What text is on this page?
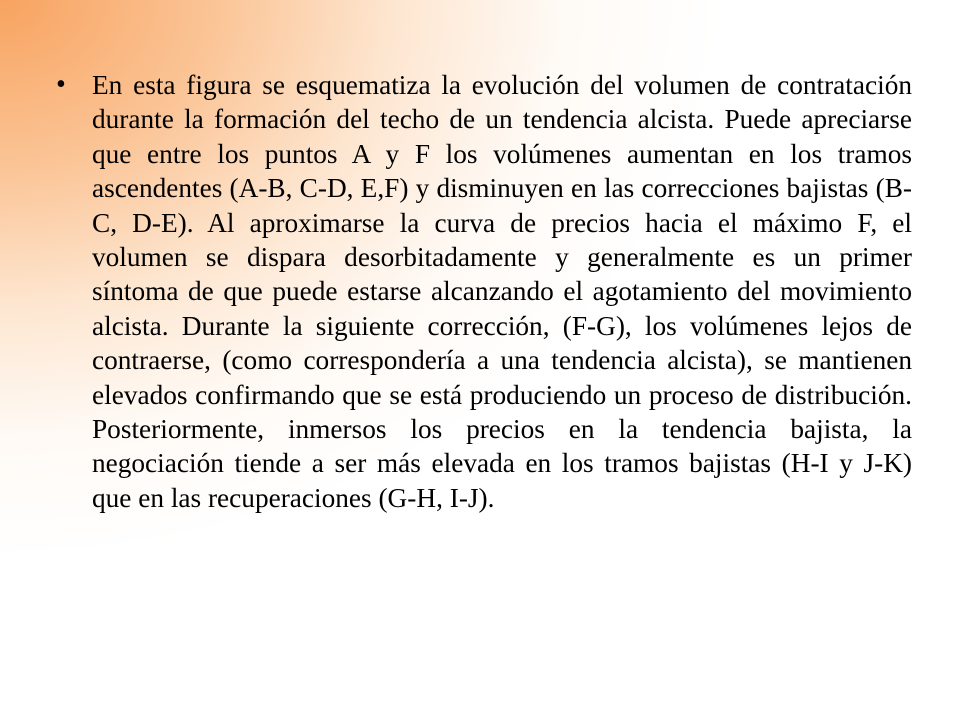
• En esta figura se esquematiza la evolución del volumen de contratación durante la formación del techo de un tendencia alcista. Puede apreciarse que entre los puntos A y F los volúmenes aumentan en los tramos ascendentes (A-B, C-D, E,F) y disminuyen en las correcciones bajistas (B-C, D-E). Al aproximarse la curva de precios hacia el máximo F, el volumen se dispara desorbitadamente y generalmente es un primer síntoma de que puede estarse alcanzando el agotamiento del movimiento alcista. Durante la siguiente corrección, (F-G), los volúmenes lejos de contraerse, (como correspondería a una tendencia alcista), se mantienen elevados confirmando que se está produciendo un proceso de distribución. Posteriormente, inmersos los precios en la tendencia bajista, la negociación tiende a ser más elevada en los tramos bajistas (H-I y J-K) que en las recuperaciones (G-H, I-J).
